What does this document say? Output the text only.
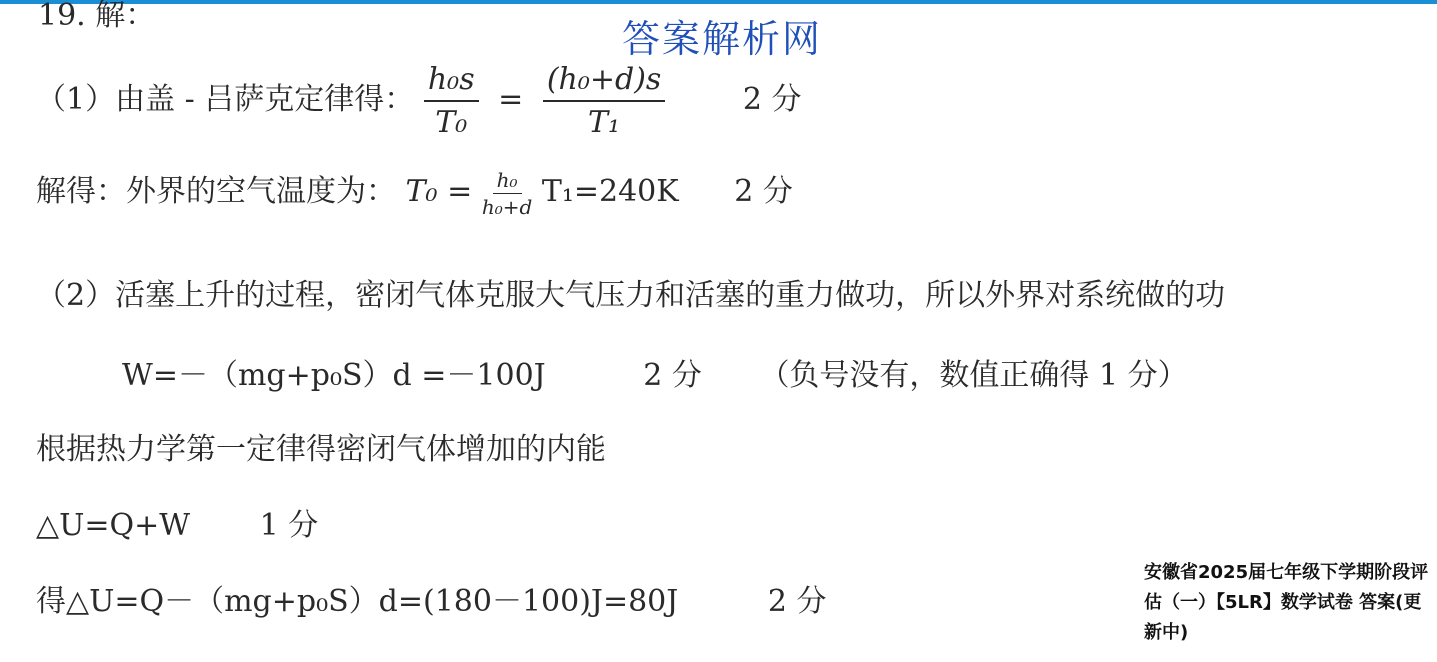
答案解析网
19. 解：
（1）由盖 - 吕萨克定律得： $\frac{\text{h₀s}}{\text{T₀}} = \frac{\text{(h₀+d)s}}{\text{T₁}}$	2 分
解得：外界的空气温度为： $T_0 = \frac{\text{h₀}}{\text{h₀+d}} T_1=240K$ 2 分
（2）活塞上升的过程，密闭气体克服大气压力和活塞的重力做功，所以外界对系统做的功
W=－（mg+p₀S）d =－100J	2 分 （负号没有，数值正确得 1 分）
根据热力学第一定律得密闭气体增加的内能
△U=Q+W 1 分
得△U=Q－（mg+p₀S）d=(180－100)J=80J	2 分
安徽省2025届七年级下学期阶段评估（一）【5LR】数学试卷 答案(更新中)
